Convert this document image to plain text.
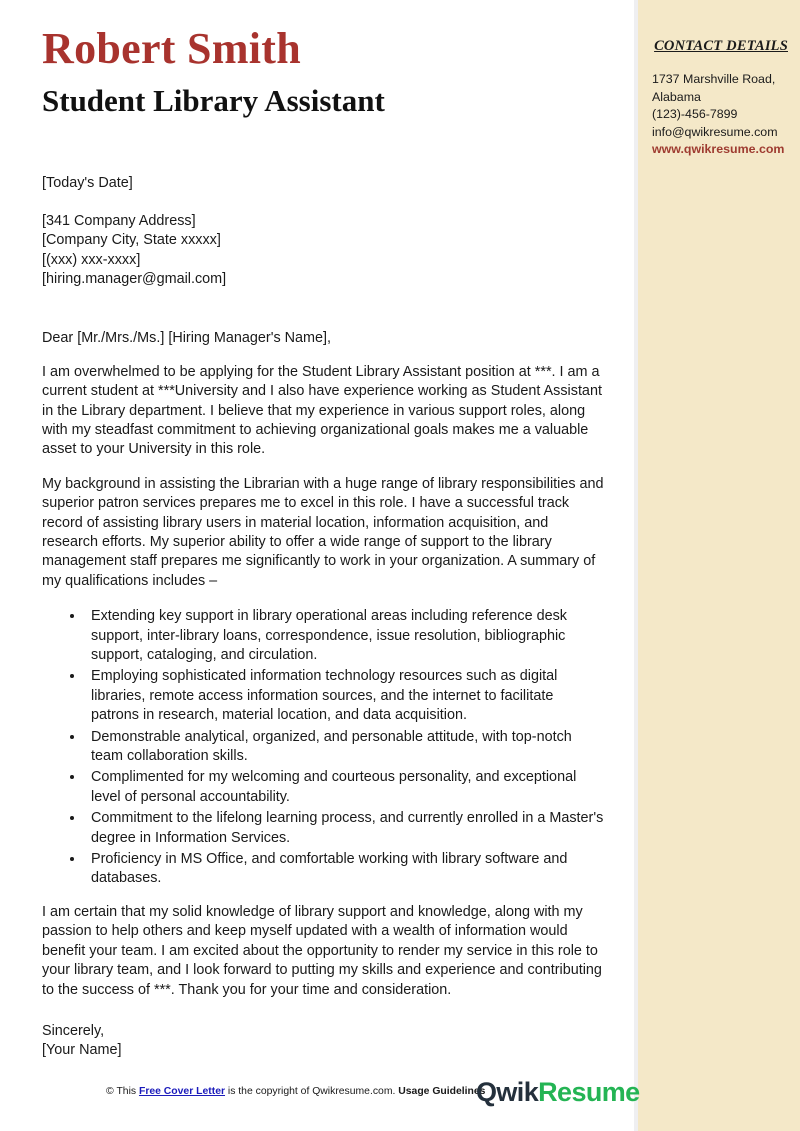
CONTACT DETAILS
1737 Marshville Road,
Alabama
(123)-456-7899
info@qwikresume.com
www.qwikresume.com
Robert Smith
Student Library Assistant

[Today's Date]

[341 Company Address]
[Company City, State xxxxx]
[(xxx) xxx-xxxx]
[hiring.manager@gmail.com]

Dear [Mr./Mrs./Ms.] [Hiring Manager's Name],

I am overwhelmed to be applying for the Student Library Assistant position at ***. I am a current student at ***University and I also have experience working as Student Assistant in the Library department. I believe that my experience in various support roles, along with my steadfast commitment to achieving organizational goals makes me a valuable asset to your University in this role.

My background in assisting the Librarian with a huge range of library responsibilities and superior patron services prepares me to excel in this role. I have a successful track record of assisting library users in material location, information acquisition, and research efforts. My superior ability to offer a wide range of support to the library management staff prepares me significantly to work in your organization. A summary of my qualifications includes –

• Extending key support in library operational areas including reference desk support, inter-library loans, correspondence, issue resolution, bibliographic support, cataloging, and circulation.
• Employing sophisticated information technology resources such as digital libraries, remote access information sources, and the internet to facilitate patrons in research, material location, and data acquisition.
• Demonstrable analytical, organized, and personable attitude, with top-notch team collaboration skills.
• Complimented for my welcoming and courteous personality, and exceptional level of personal accountability.
• Commitment to the lifelong learning process, and currently enrolled in a Master's degree in Information Services.
• Proficiency in MS Office, and comfortable working with library software and databases.

I am certain that my solid knowledge of library support and knowledge, along with my passion to help others and keep myself updated with a wealth of information would benefit your team. I am excited about the opportunity to render my service in this role to your library team, and I look forward to putting my skills and experience and contributing to the success of ***. Thank you for your time and consideration.

Sincerely,
[Your Name]
© This Free Cover Letter is the copyright of Qwikresume.com. Usage Guidelines
QwikResume
